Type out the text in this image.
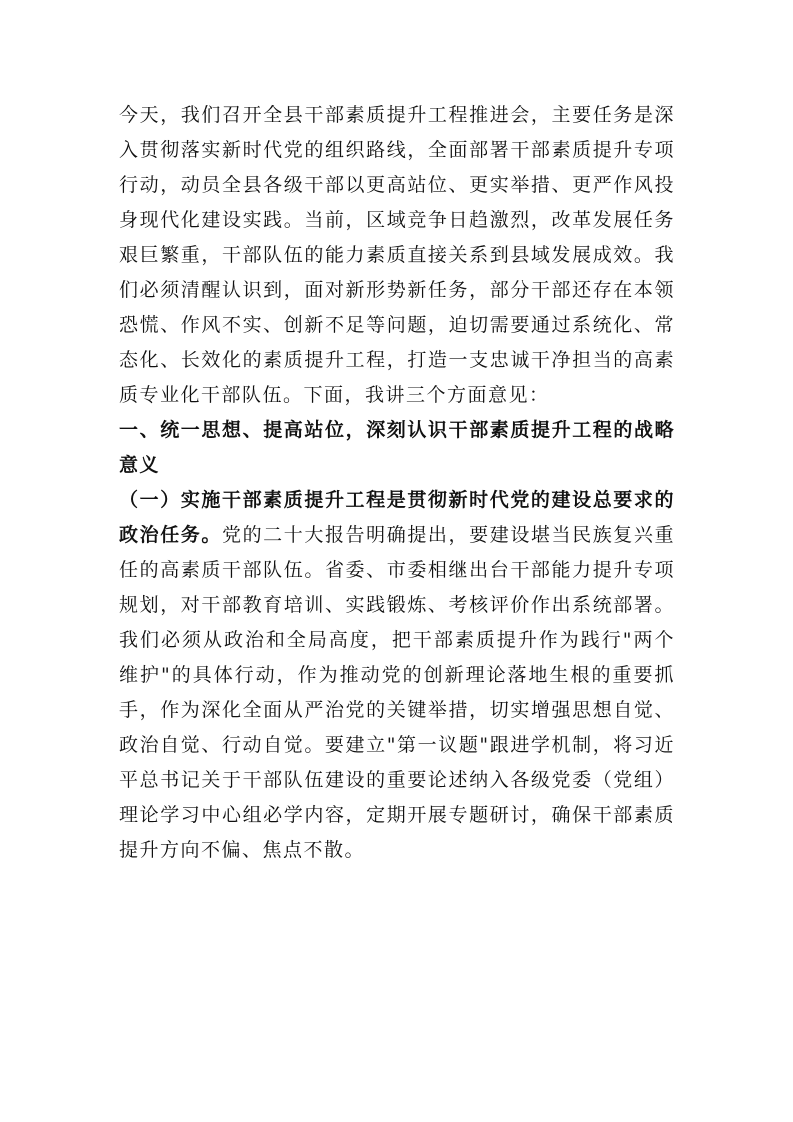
今天，我们召开全县干部素质提升工程推进会，主要任务是深入贯彻落实新时代党的组织路线，全面部署干部素质提升专项行动，动员全县各级干部以更高站位、更实举措、更严作风投身现代化建设实践。当前，区域竞争日趋激烈，改革发展任务艰巨繁重，干部队伍的能力素质直接关系到县域发展成效。我们必须清醒认识到，面对新形势新任务，部分干部还存在本领恐慌、作风不实、创新不足等问题，迫切需要通过系统化、常态化、长效化的素质提升工程，打造一支忠诚干净担当的高素质专业化干部队伍。下面，我讲三个方面意见：

一、统一思想、提高站位，深刻认识干部素质提升工程的战略意义

（一）实施干部素质提升工程是贯彻新时代党的建设总要求的政治任务。党的二十大报告明确提出，要建设堪当民族复兴重任的高素质干部队伍。省委、市委相继出台干部能力提升专项规划，对干部教育培训、实践锻炼、考核评价作出系统部署。我们必须从政治和全局高度，把干部素质提升作为践行"两个维护"的具体行动，作为推动党的创新理论落地生根的重要抓手，作为深化全面从严治党的关键举措，切实增强思想自觉、政治自觉、行动自觉。要建立"第一议题"跟进学机制，将习近平总书记关于干部队伍建设的重要论述纳入各级党委（党组）理论学习中心组必学内容，定期开展专题研讨，确保干部素质提升方向不偏、焦点不散。
